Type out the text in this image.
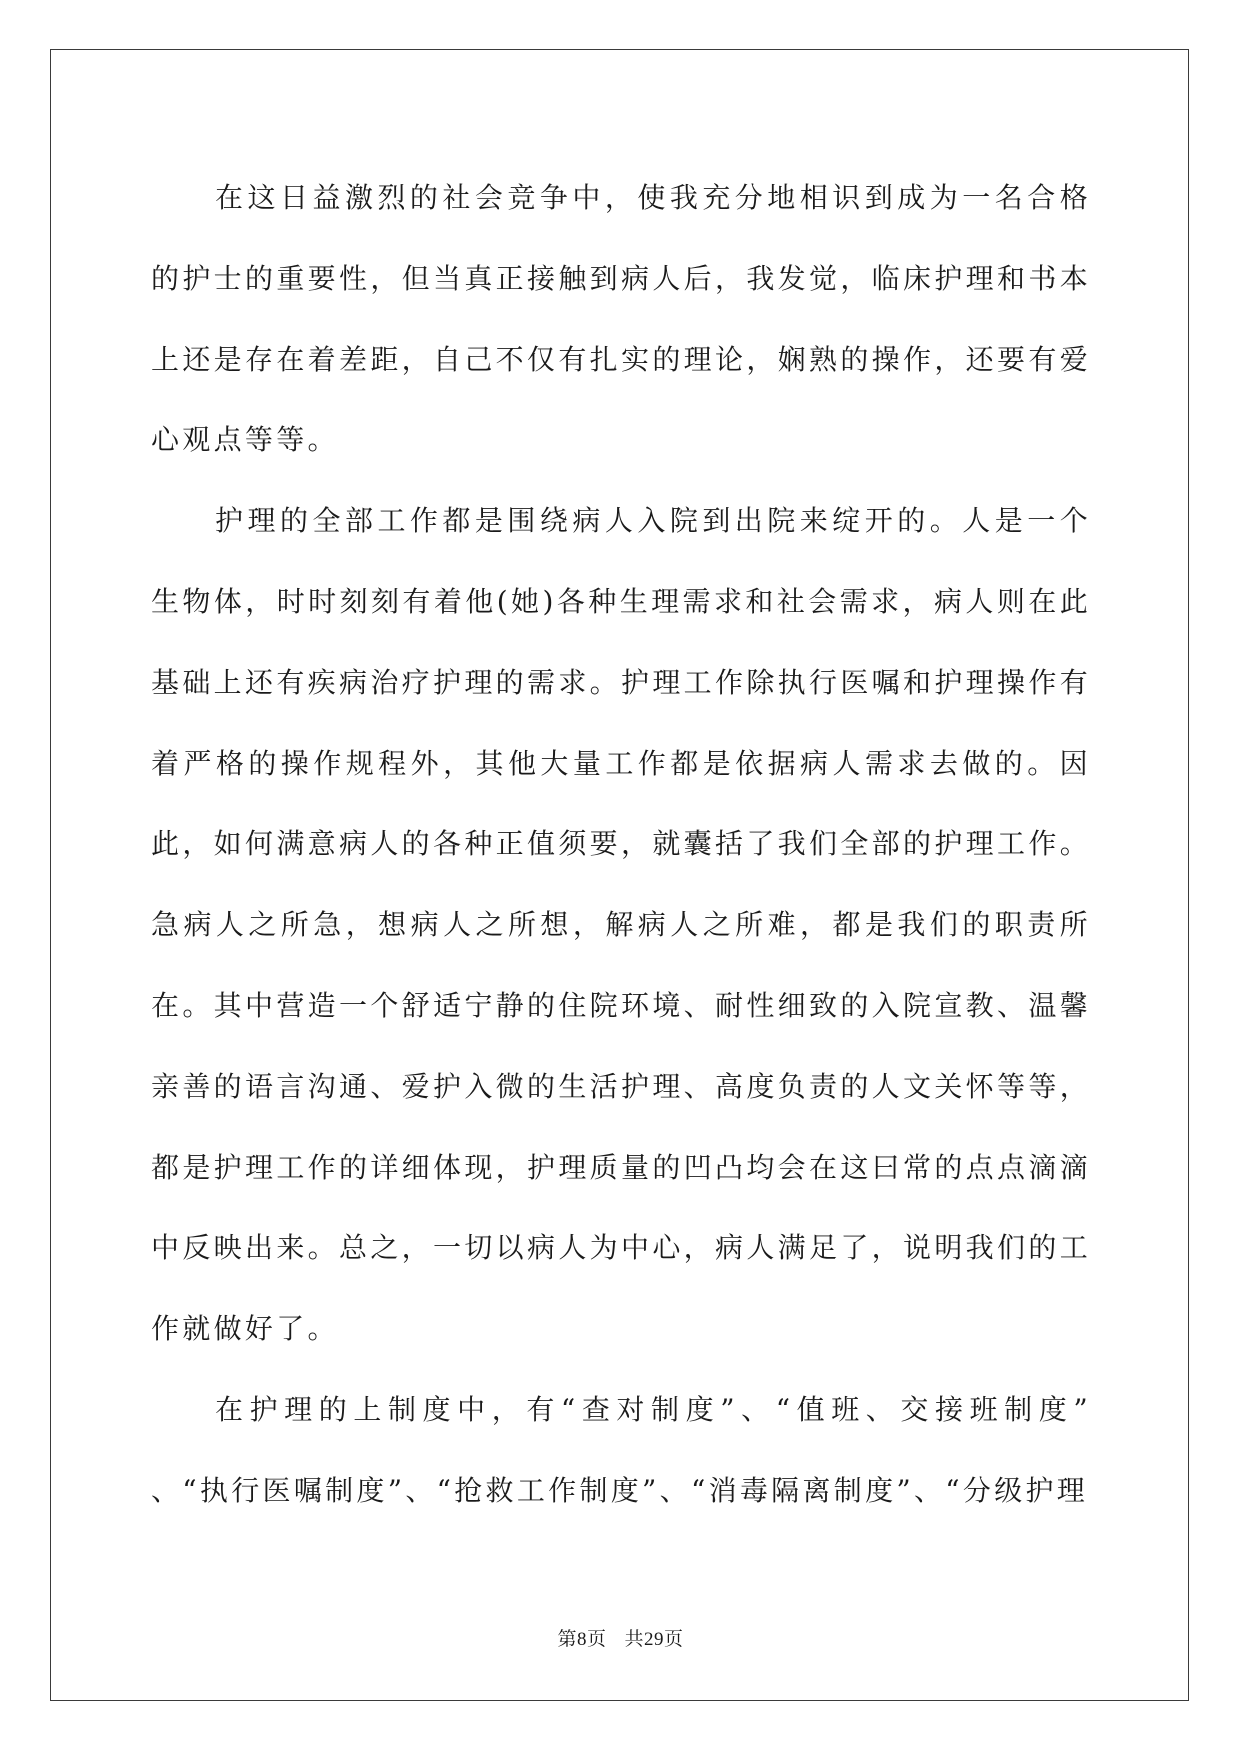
在这日益激烈的社会竞争中，使我充分地相识到成为一名合格的护士的重要性，但当真正接触到病人后，我发觉，临床护理和书本上还是存在着差距，自己不仅有扎实的理论，娴熟的操作，还要有爱心观点等等。

护理的全部工作都是围绕病人入院到出院来绽开的。人是一个生物体，时时刻刻有着他(她)各种生理需求和社会需求，病人则在此基础上还有疾病治疗护理的需求。护理工作除执行医嘱和护理操作有着严格的操作规程外，其他大量工作都是依据病人需求去做的。因此，如何满意病人的各种正值须要，就囊括了我们全部的护理工作。急病人之所急，想病人之所想，解病人之所难，都是我们的职责所在。其中营造一个舒适宁静的住院环境、耐性细致的入院宣教、温馨亲善的语言沟通、爱护入微的生活护理、高度负责的人文关怀等等，都是护理工作的详细体现，护理质量的凹凸均会在这曰常的点点滴滴中反映出来。总之，一切以病人为中心，病人满足了，说明我们的工作就做好了。

在护理的上制度中，有“查对制度”、“值班、交接班制度” 、“执行医嘱制度”、“抢救工作制度”、“消毒隔离制度”、“分级护理

第8页 共29页
